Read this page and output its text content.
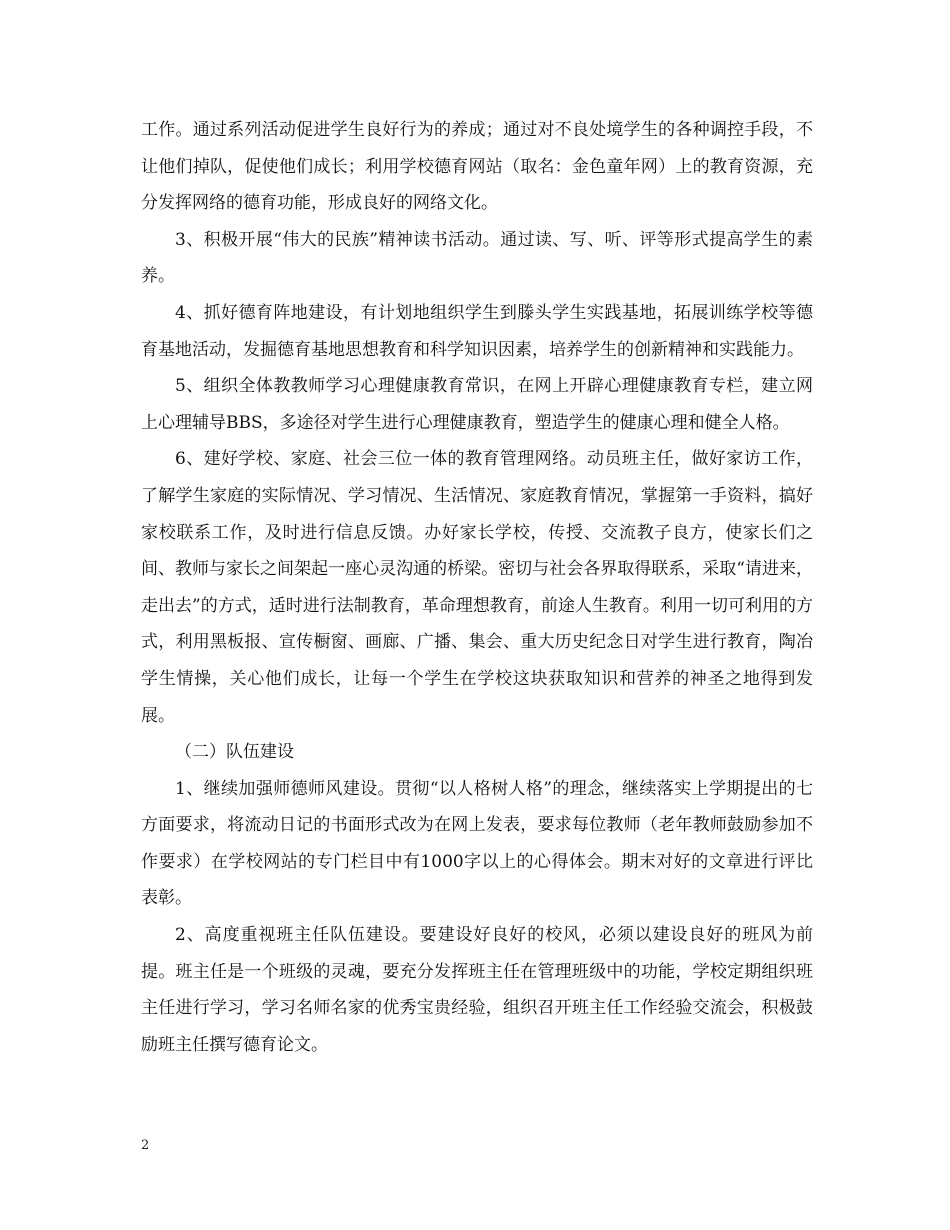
工作。通过系列活动促进学生良好行为的养成；通过对不良处境学生的各种调控手段，不让他们掉队，促使他们成长；利用学校德育网站（取名：金色童年网）上的教育资源，充分发挥网络的德育功能，形成良好的网络文化。

3、积极开展“伟大的民族”精神读书活动。通过读、写、听、评等形式提高学生的素养。

4、抓好德育阵地建设，有计划地组织学生到滕头学生实践基地，拓展训练学校等德育基地活动，发掘德育基地思想教育和科学知识因素，培养学生的创新精神和实践能力。

5、组织全体教教师学习心理健康教育常识，在网上开辟心理健康教育专栏，建立网上心理辅导BBS，多途径对学生进行心理健康教育，塑造学生的健康心理和健全人格。

6、建好学校、家庭、社会三位一体的教育管理网络。动员班主任，做好家访工作，了解学生家庭的实际情况、学习情况、生活情况、家庭教育情况，掌握第一手资料，搞好家校联系工作，及时进行信息反馈。办好家长学校，传授、交流教子良方，使家长们之间、教师与家长之间架起一座心灵沟通的桥梁。密切与社会各界取得联系，采取“请进来，走出去”的方式，适时进行法制教育，革命理想教育，前途人生教育。利用一切可利用的方式，利用黑板报、宣传橱窗、画廊、广播、集会、重大历史纪念日对学生进行教育，陶冶学生情操，关心他们成长，让每一个学生在学校这块获取知识和营养的神圣之地得到发展。

（二）队伍建设

1、继续加强师德师风建设。贯彻“以人格树人格”的理念，继续落实上学期提出的七方面要求，将流动日记的书面形式改为在网上发表，要求每位教师（老年教师鼓励参加不作要求）在学校网站的专门栏目中有1000字以上的心得体会。期末对好的文章进行评比表彰。

2、高度重视班主任队伍建设。要建设好良好的校风，必须以建设良好的班风为前提。班主任是一个班级的灵魂，要充分发挥班主任在管理班级中的功能，学校定期组织班主任进行学习，学习名师名家的优秀宝贵经验，组织召开班主任工作经验交流会，积极鼓励班主任撰写德育论文。

2
